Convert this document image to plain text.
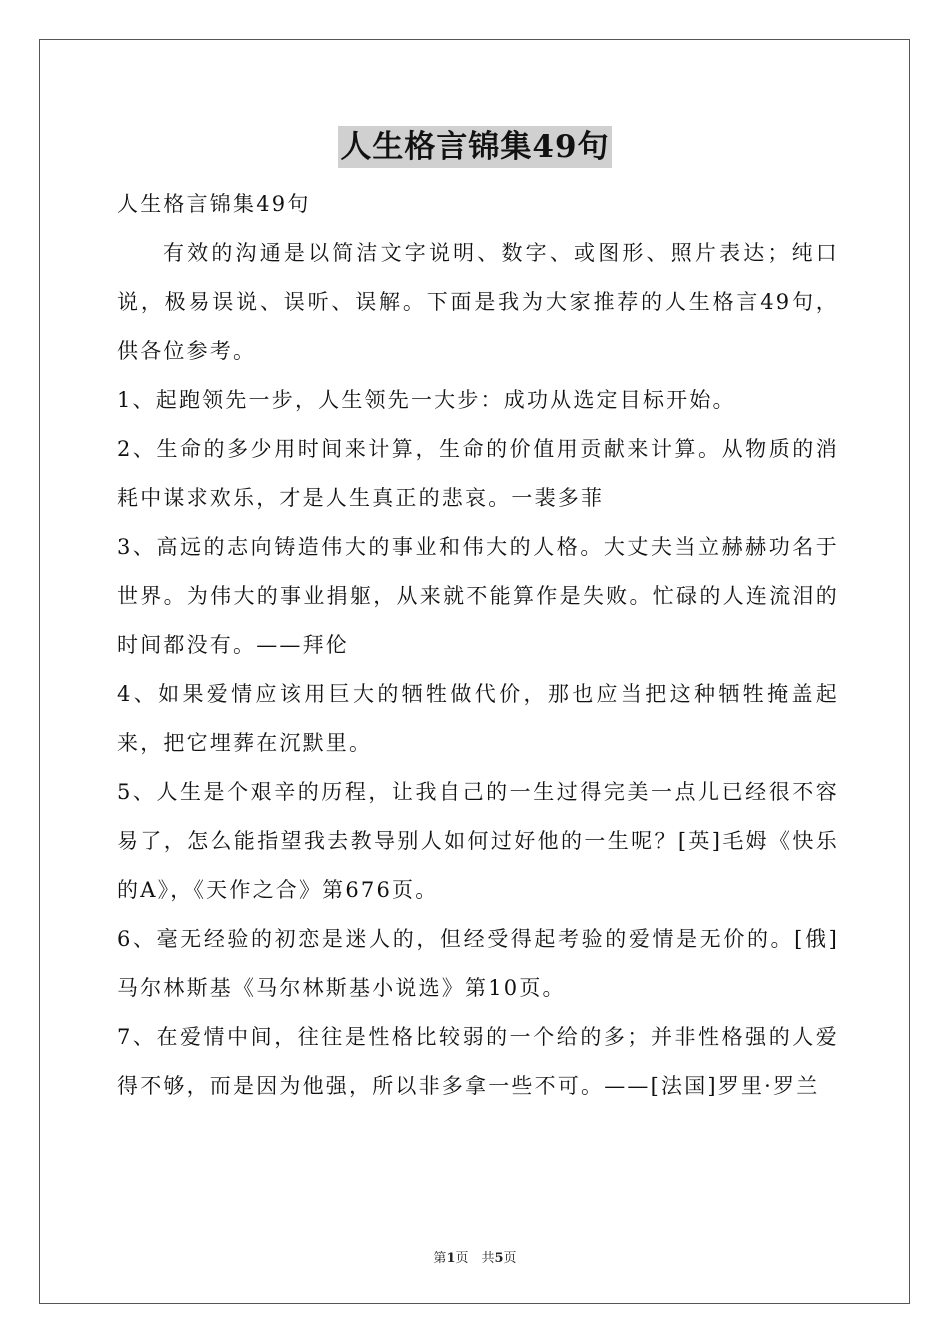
人生格言锦集49句

人生格言锦集49句

有效的沟通是以简洁文字说明、数字、或图形、照片表达；纯口说，极易误说、误听、误解。下面是我为大家推荐的人生格言49句，供各位参考。

1、起跑领先一步，人生领先一大步：成功从选定目标开始。

2、生命的多少用时间来计算，生命的价值用贡献来计算。从物质的消耗中谋求欢乐，才是人生真正的悲哀。一裴多菲

3、高远的志向铸造伟大的事业和伟大的人格。大丈夫当立赫赫功名于世界。为伟大的事业捐躯，从来就不能算作是失败。忙碌的人连流泪的时间都没有。——拜伦

4、如果爱情应该用巨大的牺牲做代价，那也应当把这种牺牲掩盖起来，把它埋葬在沉默里。

5、人生是个艰辛的历程，让我自己的一生过得完美一点儿已经很不容易了，怎么能指望我去教导别人如何过好他的一生呢？[英]毛姆《快乐的A》，《天作之合》第676页。

6、毫无经验的初恋是迷人的，但经受得起考验的爱情是无价的。[俄]马尔林斯基《马尔林斯基小说选》第10页。

7、在爱情中间，往往是性格比较弱的一个给的多；并非性格强的人爱得不够，而是因为他强，所以非多拿一些不可。——[法国]罗里·罗兰

第1页　共5页
